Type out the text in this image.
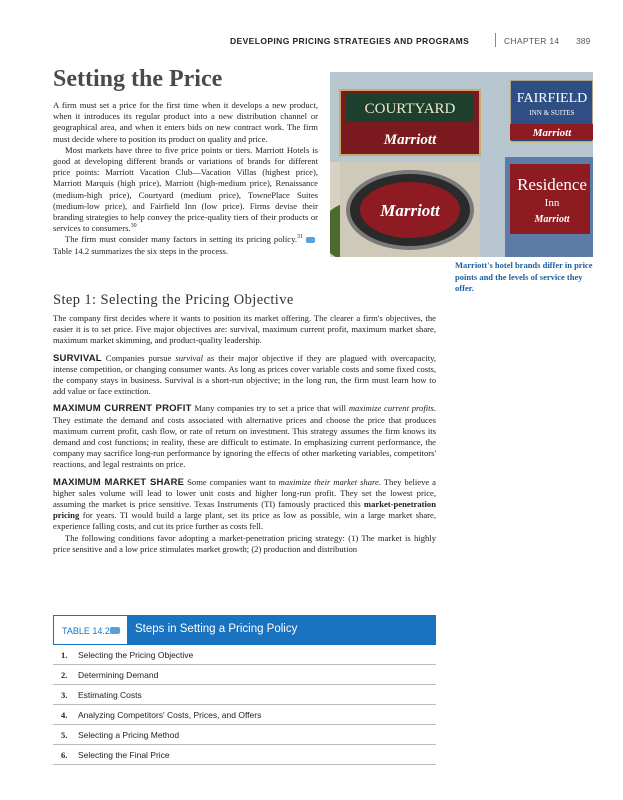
DEVELOPING PRICING STRATEGIES AND PROGRAMS	CHAPTER 14 389
Setting the Price

A firm must set a price for the first time when it develops a new product, when it introduces its regular product into a new distribution channel or geographical area, and when it enters bids on new contract work. The firm must decide where to position its product on quality and price.

Most markets have three to five price points or tiers. Marriott Hotels is good at developing different brands or variations of brands for different price points: Marriott Vacation Club—Vacation Villas (highest price), Marriott Marquis (high price), Marriott (high-medium price), Renaissance (medium-high price), Courtyard (medium price), TownePlace Suites (medium-low price), and Fairfield Inn (low price). Firms devise their branding strategies to help convey the price-quality tiers of their products or services to consumers.$^{30}$

The firm must consider many factors in setting its pricing policy.$^{31}$Table 14.2 summarizes the six steps in the process.

COURTYARD
Marriott
FAIRFIELD
INN & SUITES
Marriott
Marriott
Residence
Inn
Marriott
Marriott's hotel brands differ in price points and the levels of service they offer.
Step 1: Selecting the Pricing Objective

The company first decides where it wants to position its market offering. The clearer a firm's objectives, the easier it is to set price. Five major objectives are: survival, maximum current profit, maximum market share, maximum market skimming, and product-quality leadership.

SURVIVAL Companies pursue survival as their major objective if they are plagued with overcapacity, intense competition, or changing consumer wants. As long as prices cover variable costs and some fixed costs, the company stays in business. Survival is a short-run objective; in the long run, the firm must learn how to add value or face extinction.

MAXIMUM CURRENT PROFIT Many companies try to set a price that will maximize current profits. They estimate the demand and costs associated with alternative prices and choose the price that produces maximum current profit, cash flow, or rate of return on investment. This strategy assumes the firm knows its demand and cost functions; in reality, these are difficult to estimate. In emphasizing current performance, the company may sacrifice long-run performance by ignoring the effects of other marketing variables, competitors' reactions, and legal restraints on price.

MAXIMUM MARKET SHARE Some companies want to maximize their market share. They believe a higher sales volume will lead to lower unit costs and higher long-run profit. They set the lowest price, assuming the market is price sensitive. Texas Instruments (TI) famously practiced this market-penetration pricing for years. TI would build a large plant, set its price as low as possible, win a large market share, experience falling costs, and cut its price further as costs fell.

The following conditions favor adopting a market-penetration pricing strategy: (1) The market is highly price sensitive and a low price stimulates market growth; (2) production and distribution

TABLE 14.2 Steps in Setting a Pricing Policy
1. Selecting the Pricing Objective
2. Determining Demand
3. Estimating Costs
4. Analyzing Competitors' Costs, Prices, and Offers
5. Selecting a Pricing Method
6. Selecting the Final Price
